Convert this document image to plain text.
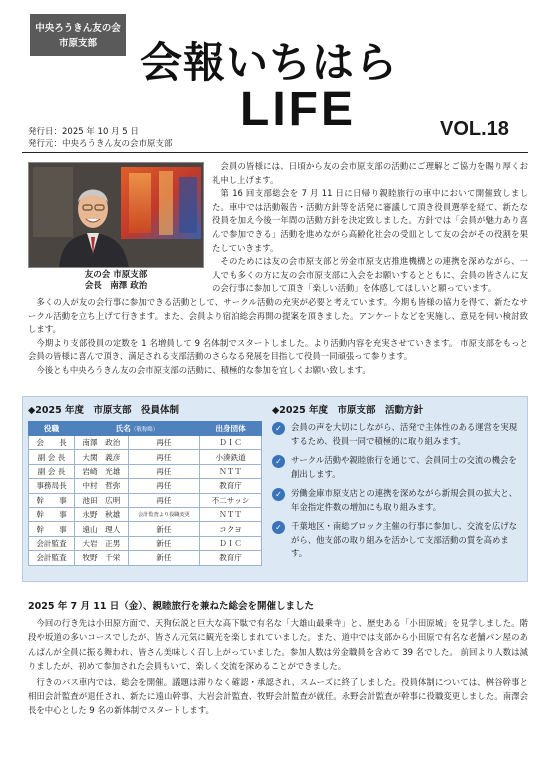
中央ろうきん友の会
市原支部	会報いちはら
LIFE
発行日：2025 年 10 月 5 日
発行元：中央ろうきん友の会市原支部
VOL.18
友の会 市原支部
会長　南澤 政治

会員の皆様には、日頃から友の会市原支部の活動にご理解とご協力を賜り厚くお礼申し上げます。

第 16 回支部総会を 7 月 11 日に日帰り親睦旅行の車中において開催致しました。車中では活動報告・活動方針等を活発に審議して頂き役員選挙を経て、新たな役員を加え今後一年間の活動方針を決定致しました。方針では「会員が魅力あり喜んで参加できる」活動を進めながら高齢化社会の受皿として友の会がその役割を果たしていきます。

そのためには友の会市原支部と労金市原支店推進機構との連携を深めながら、一人でも多くの方に友の会市原支部に入会をお願いするとともに、会員の皆さんに友の会行事に参加して頂き「楽しい活動」を体感してほしいと願っています。

多くの人が友の会行事に参加できる活動として、サークル活動の充実が必要と考えています。今期も皆様の協力を得て、新たなサークル活動を立ち上げて行きます。また、会員より宿泊総会再開の提案を頂きました。アンケートなどを実施し、意見を伺い検討致します。

今期より支部役員の定数を 1 名増員して 9 名体制でスタートしました。より活動内容を充実させていきます。 市原支部をもっと会員の皆様に喜んで頂き、満足される支部活動のさらなる発展を目指して役員一同頑張って参ります。

今後とも中央ろうきん友の会市原支部の活動に、積極的な参加を宜しくお願い致します。

◆2025 年度　市原支部　役員体制
役職	氏名（敬称略）		出身団体
会　　長	南澤　政治	再任	ＤＩＣ
副 会 長	大関　義彦	再任	小湊鉄道
副 会 長	岩崎　光雄	再任	ＮＴＴ
事務局長	中村　哲弥	再任	教育庁
幹　　事	池田　広明	再任	不二サッシ
幹　　事	永野　秋雄	会計監査より役職変更	ＮＴＴ
幹　　事	遠山　理人	新任	コクヨ
会計監査	大岩　正男	新任	ＤＩＣ
会計監査	牧野　千栄	新任	教育庁
◆2025 年度　市原支部　活動方針
✓	会員の声を大切にしながら、活発で主体性のある運営を実現するため、役員一同で積極的に取り組みます。
✓	サークル活動や親睦旅行を通じて、会員同士の交流の機会を創出します。
✓	労働金庫市原支店との連携を深めながら新規会員の拡大と、年金指定件数の増加にも取り組みます。
✓	千葉地区・南総ブロック主催の行事に参加し、交流を広げながら、他支部の取り組みを活かして支部活動の質を高めます。
2025 年 7 月 11 日（金）、親睦旅行を兼ねた総会を開催しました

今回の行き先は小田原方面で、天狗伝説と巨大な高下駄で有名な「大雄山最乗寺」と、歴史ある「小田原城」を見学しました。階段や坂道の多いコースでしたが、皆さん元気に観光を楽しまれていました。また、道中では支部から小田原で有名な老舗パン屋のあんぱんが全員に振る舞われ、皆さん美味しく召し上がっていました。参加人数は労金職員を含めて 39 名でした。 前回より人数は減りましたが、初めて参加された会員もいて、楽しく交流を深めることができました。

行きのバス車内では、総会を開催。議題は滞りなく確認・承認され、スムーズに終了しました。役員体制については、桝谷幹事と相田会計監査が退任され、新たに遠山幹事、大岩会計監査、牧野会計監査が就任。永野会計監査が幹事に役職変更しました。南澤会長を中心とした 9 名の新体制でスタートします。
